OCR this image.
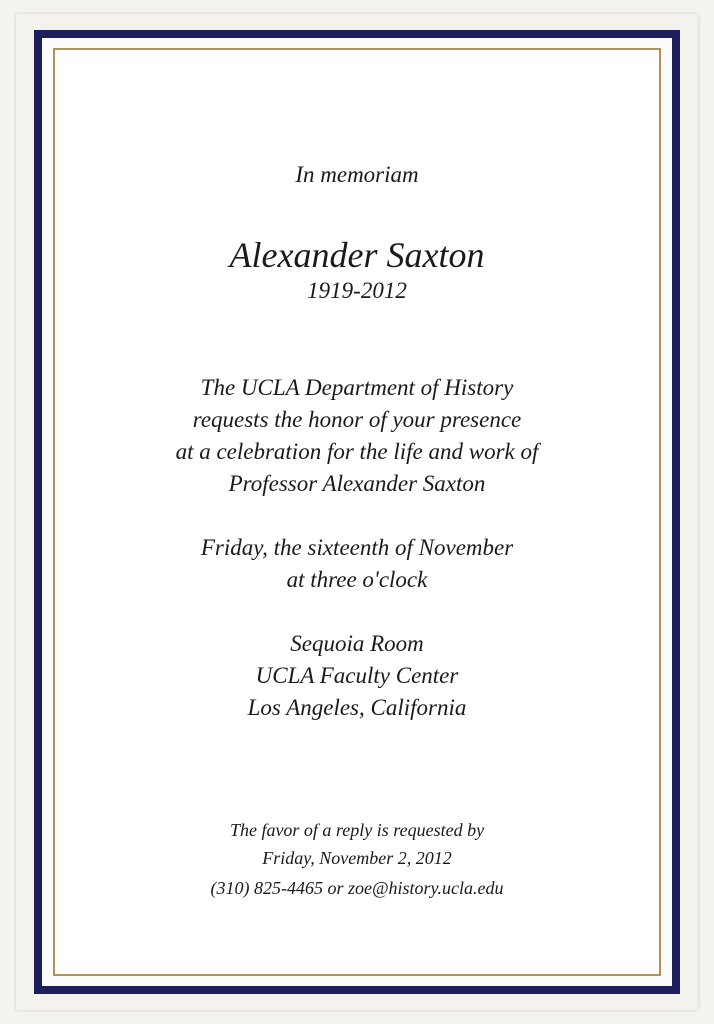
In memoriam
Alexander Saxton
1919-2012
The UCLA Department of History
requests the honor of your presence
at a celebration for the life and work of
Professor Alexander Saxton
Friday, the sixteenth of November
at three o'clock
Sequoia Room
UCLA Faculty Center
Los Angeles, California
The favor of a reply is requested by
Friday, November 2, 2012
(310) 825-4465 or zoe@history.ucla.edu
